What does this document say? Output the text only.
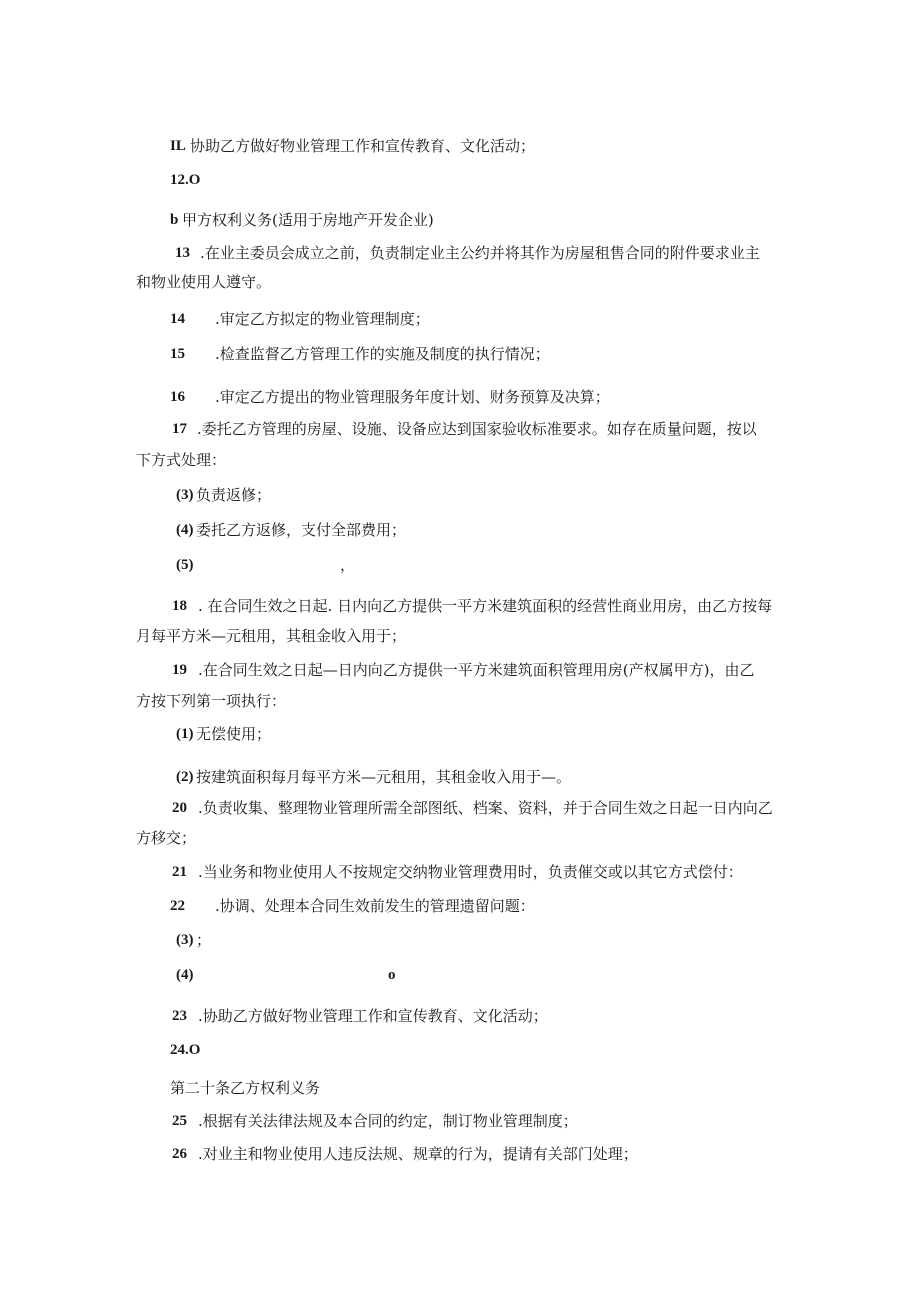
IL 协助乙方做好物业管理工作和宣传教育、文化活动；
12.O
b 甲方权利义务(适用于房地产开发企业)
13 .在业主委员会成立之前，负责制定业主公约并将其作为房屋租售合同的附件要求业主
和物业使用人遵守。
14 .审定乙方拟定的物业管理制度；
15 .检查监督乙方管理工作的实施及制度的执行情况；
16 .审定乙方提出的物业管理服务年度计划、财务预算及决算；
17 .委托乙方管理的房屋、设施、设备应达到国家验收标准要求。如存在质量问题，按以
下方式处理：
(3) 负责返修；
(4) 委托乙方返修，支付全部费用；
(5)	，
18 . 在合同生效之日起. 日内向乙方提供一平方米建筑面积的经营性商业用房，由乙方按每
月每平方米—元租用，其租金收入用于；
19 .在合同生效之日起—日内向乙方提供一平方米建筑面积管理用房(产权属甲方)，由乙
方按下列第一项执行：
(1) 无偿使用；
(2) 按建筑面积每月每平方米—元租用，其租金收入用于—。
20 .负责收集、整理物业管理所需全部图纸、档案、资料，并于合同生效之日起一日内向乙
方移交；
21 .当业务和物业使用人不按规定交纳物业管理费用时，负责催交或以其它方式偿付：
22 .协调、处理本合同生效前发生的管理遗留问题：
(3) ；
(4)	o
23 .协助乙方做好物业管理工作和宣传教育、文化活动；
24.O
第二十条乙方权利义务
25 .根据有关法律法规及本合同的约定，制订物业管理制度；
26 .对业主和物业使用人违反法规、规章的行为，提请有关部门处理；
